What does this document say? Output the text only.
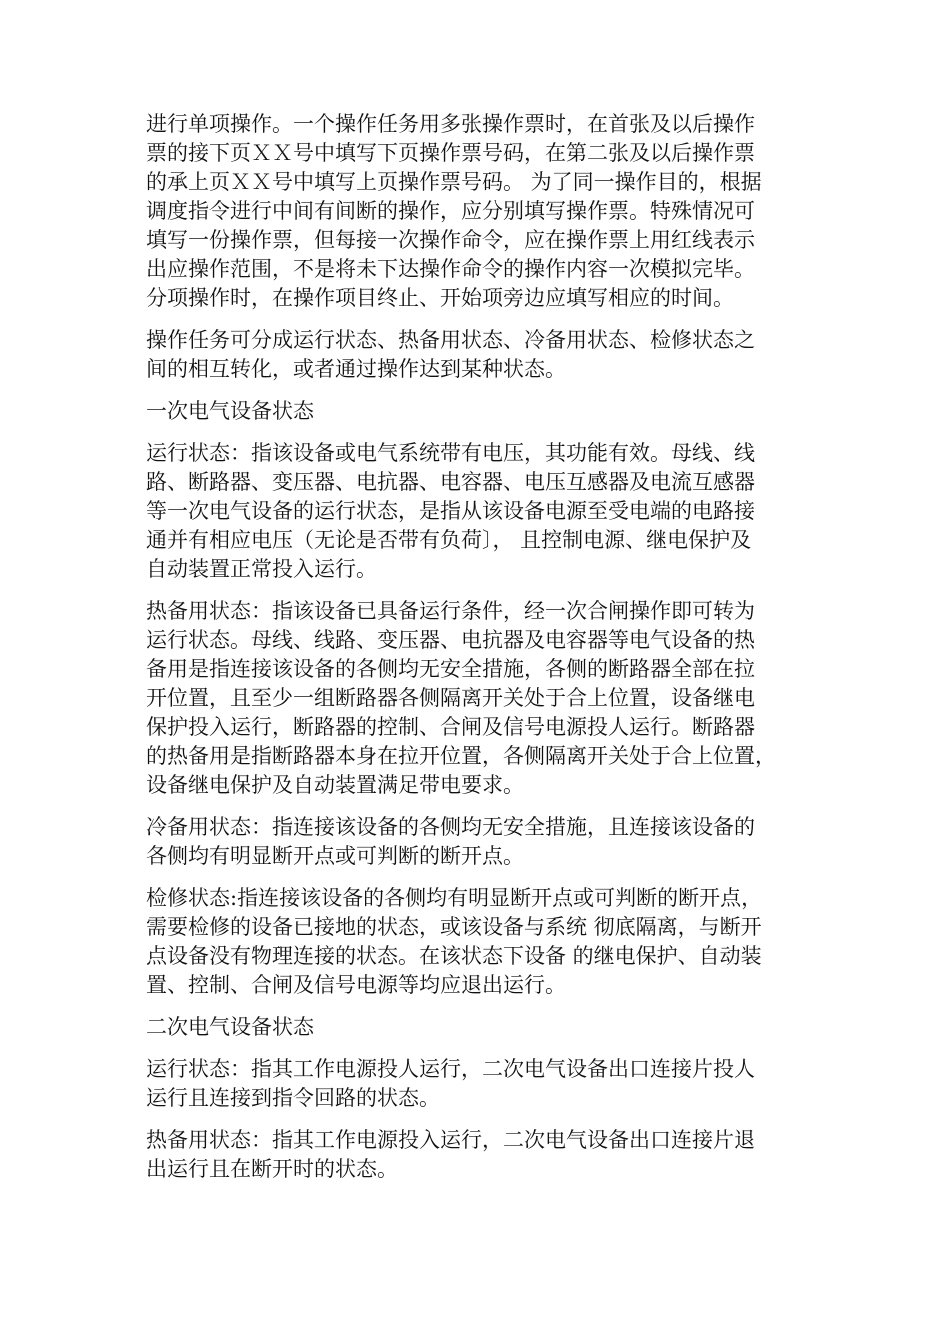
进行单项操作。一个操作任务用多张操作票时，在首张及以后操作
票的接下页ＸＸ号中填写下页操作票号码，在第二张及以后操作票
的承上页ＸＸ号中填写上页操作票号码。 为了同一操作目的，根据
调度指令进行中间有间断的操作，应分别填写操作票。特殊情况可
填写一份操作票，但每接一次操作命令，应在操作票上用红线表示
出应操作范围，不是将未下达操作命令的操作内容一次模拟完毕。
分项操作时，在操作项目终止、开始项旁边应填写相应的时间。

操作任务可分成运行状态、热备用状态、冷备用状态、检修状态之
间的相互转化，或者通过操作达到某种状态。

一次电气设备状态

运行状态：指该设备或电气系统带有电压，其功能有效。母线、线
路、断路器、变压器、电抗器、电容器、电压互感器及电流互感器
等一次电气设备的运行状态，是指从该设备电源至受电端的电路接
通并有相应电压（无论是否带有负荷〕， 且控制电源、继电保护及
自动装置正常投入运行。

热备用状态：指该设备已具备运行条件，经一次合闸操作即可转为
运行状态。母线、线路、变压器、电抗器及电容器等电气设备的热
备用是指连接该设备的各侧均无安全措施，各侧的断路器全部在拉
开位置，且至少一组断路器各侧隔离开关处于合上位置，设备继电
保护投入运行，断路器的控制、合闸及信号电源投人运行。断路器
的热备用是指断路器本身在拉开位置，各侧隔离开关处于合上位置，
设备继电保护及自动装置满足带电要求。

冷备用状态：指连接该设备的各侧均无安全措施，且连接该设备的
各侧均有明显断开点或可判断的断开点。

检修状态:指连接该设备的各侧均有明显断开点或可判断的断开点，
需要检修的设备已接地的状态，或该设备与系统 彻底隔离，与断开
点设备没有物理连接的状态。在该状态下设备 的继电保护、自动装
置、控制、合闸及信号电源等均应退出运行。

二次电气设备状态

运行状态：指其工作电源投人运行，二次电气设备出口连接片投人
运行且连接到指令回路的状态。

热备用状态：指其工作电源投入运行，二次电气设备出口连接片退
出运行且在断开时的状态。
